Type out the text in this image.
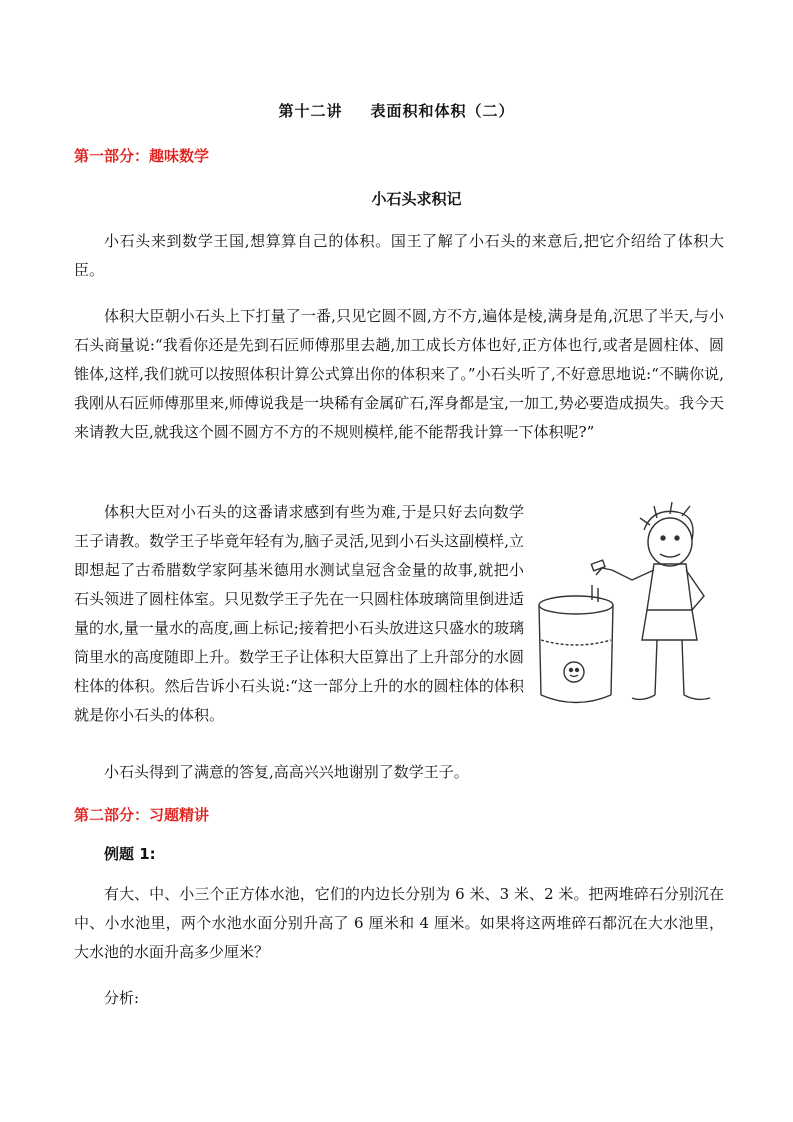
第十二讲 表面积和体积（二）
第一部分：趣味数学
小石头求积记

小石头来到数学王国,想算算自己的体积。国王了解了小石头的来意后,把它介绍给了体积大臣。

体积大臣朝小石头上下打量了一番,只见它圆不圆,方不方,遍体是棱,满身是角,沉思了半天,与小石头商量说:“我看你还是先到石匠师傅那里去趟,加工成长方体也好,正方体也行,或者是圆柱体、圆锥体,这样,我们就可以按照体积计算公式算出你的体积来了。”小石头听了,不好意思地说:“不瞒你说,我刚从石匠师傅那里来,师傅说我是一块稀有金属矿石,浑身都是宝,一加工,势必要造成损失。我今天来请教大臣,就我这个圆不圆方不方的不规则模样,能不能帮我计算一下体积呢?”

体积大臣对小石头的这番请求感到有些为难,于是只好去向数学王子请教。数学王子毕竟年轻有为,脑子灵活,见到小石头这副模样,立即想起了古希腊数学家阿基米德用水测试皇冠含金量的故事,就把小石头领进了圆柱体室。只见数学王子先在一只圆柱体玻璃筒里倒进适量的水,量一量水的高度,画上标记;接着把小石头放进这只盛水的玻璃筒里水的高度随即上升。数学王子让体积大臣算出了上升部分的水圆柱体的体积。然后告诉小石头说:“这一部分上升的水的圆柱体的体积就是你小石头的体积。

小石头得到了满意的答复,高高兴兴地谢别了数学王子。

第二部分：习题精讲
例题 1:

有大、中、小三个正方体水池，它们的内边长分别为 6 米、3 米、2 米。把两堆碎石分别沉在中、小水池里，两个水池水面分别升高了 6 厘米和 4 厘米。如果将这两堆碎石都沉在大水池里，大水池的水面升高多少厘米？

分析:
